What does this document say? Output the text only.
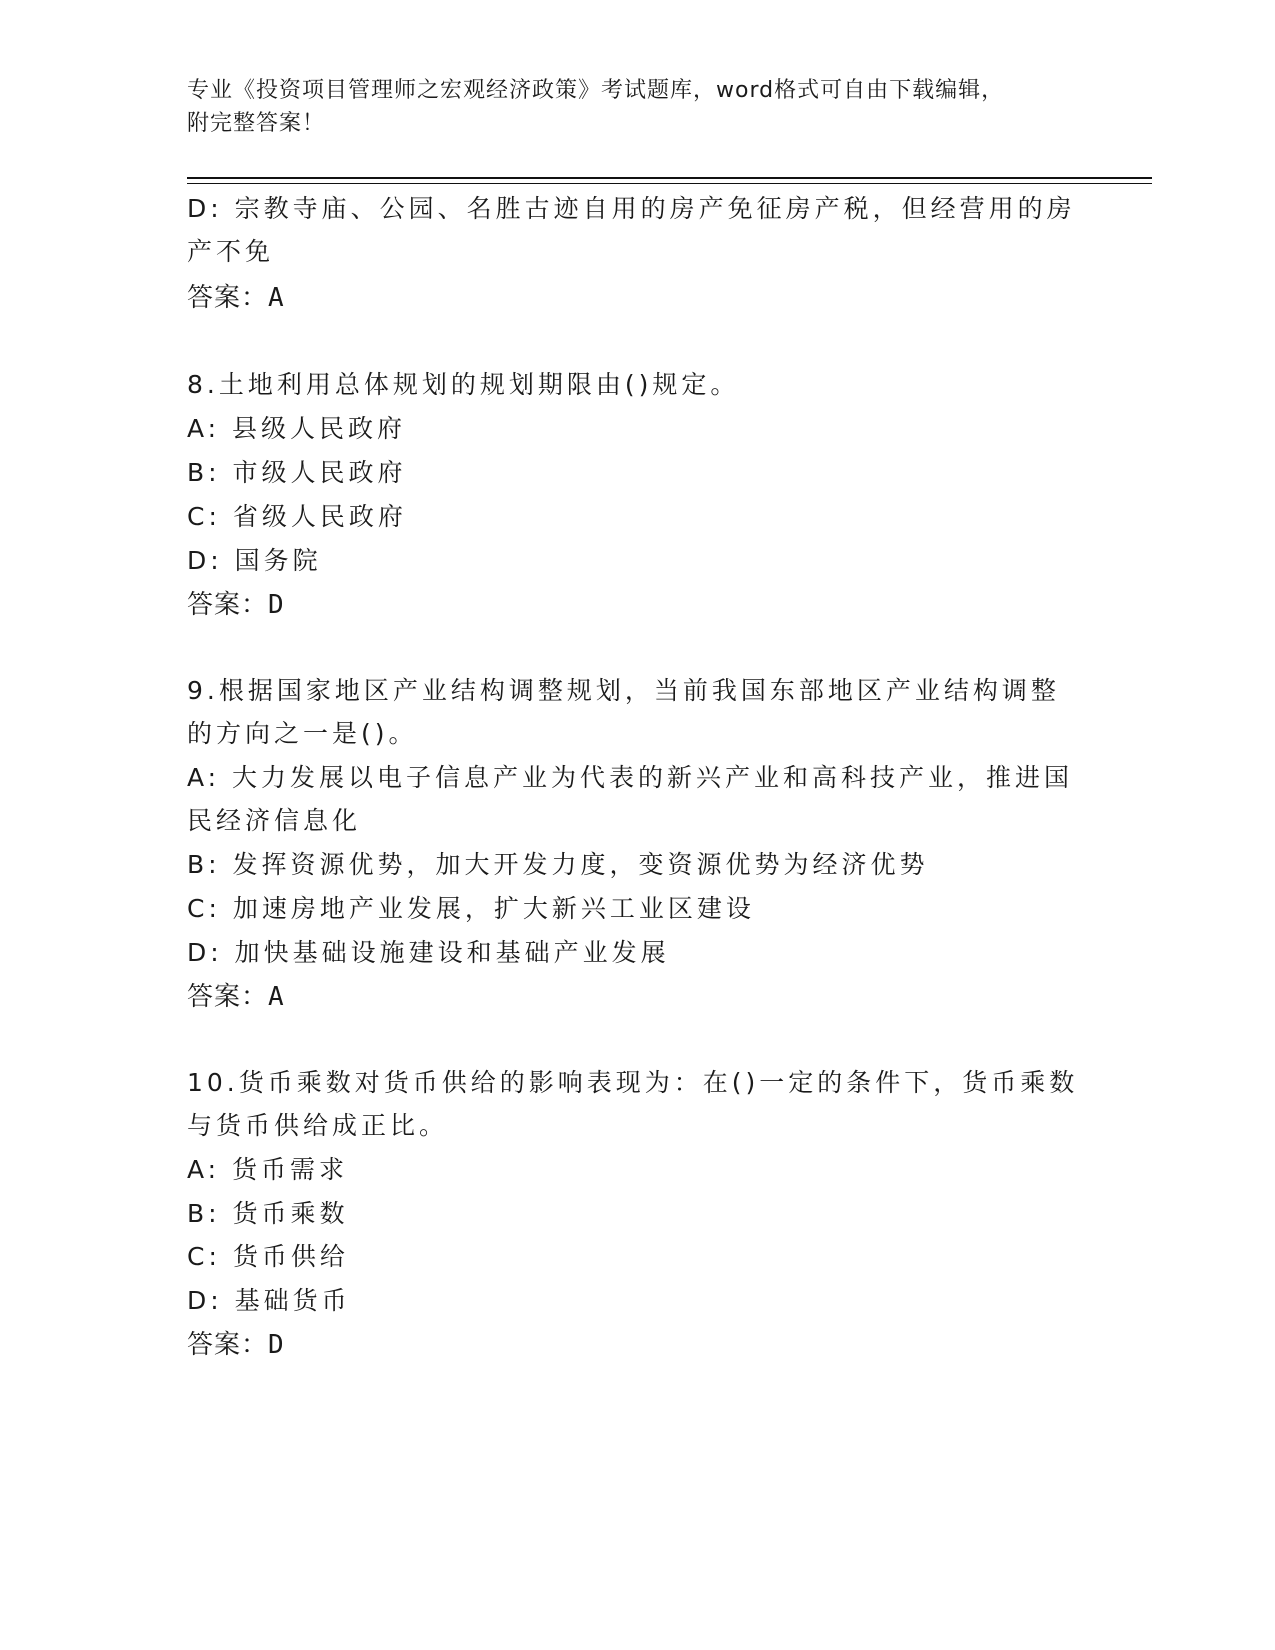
专业《投资项目管理师之宏观经济政策》考试题库，word格式可自由下载编辑，
附完整答案！
D: 宗教寺庙、公园、名胜古迹自用的房产免征房产税，但经营用的房
产不免
答案：A
8.土地利用总体规划的规划期限由()规定。
A: 县级人民政府
B: 市级人民政府
C: 省级人民政府
D: 国务院
答案：D
9.根据国家地区产业结构调整规划，当前我国东部地区产业结构调整
的方向之一是()。
A: 大力发展以电子信息产业为代表的新兴产业和高科技产业，推进国
民经济信息化
B: 发挥资源优势，加大开发力度，变资源优势为经济优势
C: 加速房地产业发展，扩大新兴工业区建设
D: 加快基础设施建设和基础产业发展
答案：A
10.货币乘数对货币供给的影响表现为：在()一定的条件下，货币乘数
与货币供给成正比。
A: 货币需求
B: 货币乘数
C: 货币供给
D: 基础货币
答案：D
